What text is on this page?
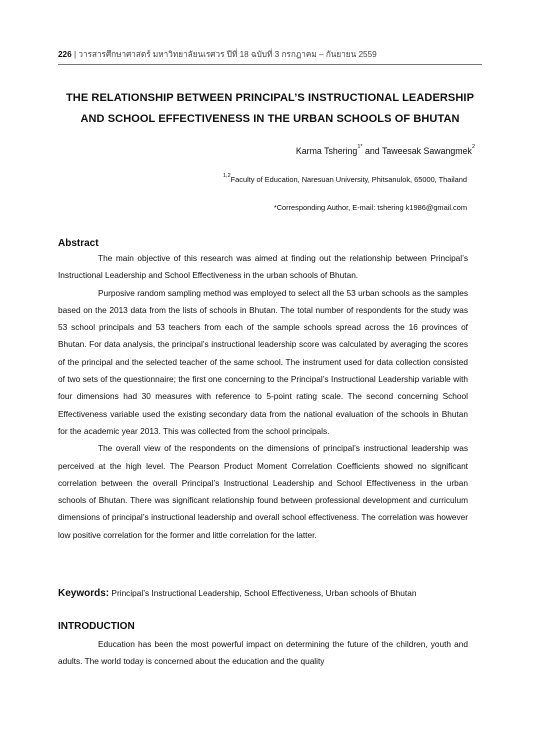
226 | วารสารศึกษาศาสตร์ มหาวิทยาลัยนเรศวร ปีที่ 18 ฉบับที่ 3 กรกฎาคม – กันยายน 2559
THE RELATIONSHIP BETWEEN PRINCIPAL’S INSTRUCTIONAL LEADERSHIP
AND SCHOOL EFFECTIVENESS IN THE URBAN SCHOOLS OF BHUTAN
Karma Tshering$^{1*}$ and Taweesak Sawangmek$^2$
$^{1,2}$Faculty of Education, Naresuan University, Phitsanulok, 65000, Thailand
*Corresponding Author, E-mail: tshering k1986@gmail.com
Abstract

The main objective of this research was aimed at finding out the relationship between Principal’s Instructional Leadership and School Effectiveness in the urban schools of Bhutan.

Purposive random sampling method was employed to select all the 53 urban schools as the samples based on the 2013 data from the lists of schools in Bhutan. The total number of respondents for the study was 53 school principals and 53 teachers from each of the sample schools spread across the 16 provinces of Bhutan. For data analysis, the principal’s instructional leadership score was calculated by averaging the scores of the principal and the selected teacher of the same school. The instrument used for data collection consisted of two sets of the questionnaire; the first one concerning to the Principal’s Instructional Leadership variable with four dimensions had 30 measures with reference to 5-point rating scale. The second concerning School Effectiveness variable used the existing secondary data from the national evaluation of the schools in Bhutan for the academic year 2013. This was collected from the school principals.

The overall view of the respondents on the dimensions of principal’s instructional leadership was perceived at the high level. The Pearson Product Moment Correlation Coefficients showed no significant correlation between the overall Principal’s Instructional Leadership and School Effectiveness in the urban schools of Bhutan. There was significant relationship found between professional development and curriculum dimensions of principal’s instructional leadership and overall school effectiveness. The correlation was however low positive correlation for the former and little correlation for the latter.

Keywords: Principal’s Instructional Leadership, School Effectiveness, Urban schools of Bhutan
INTRODUCTION

Education has been the most powerful impact on determining the future of the children, youth and adults. The world today is concerned about the education and the quality
